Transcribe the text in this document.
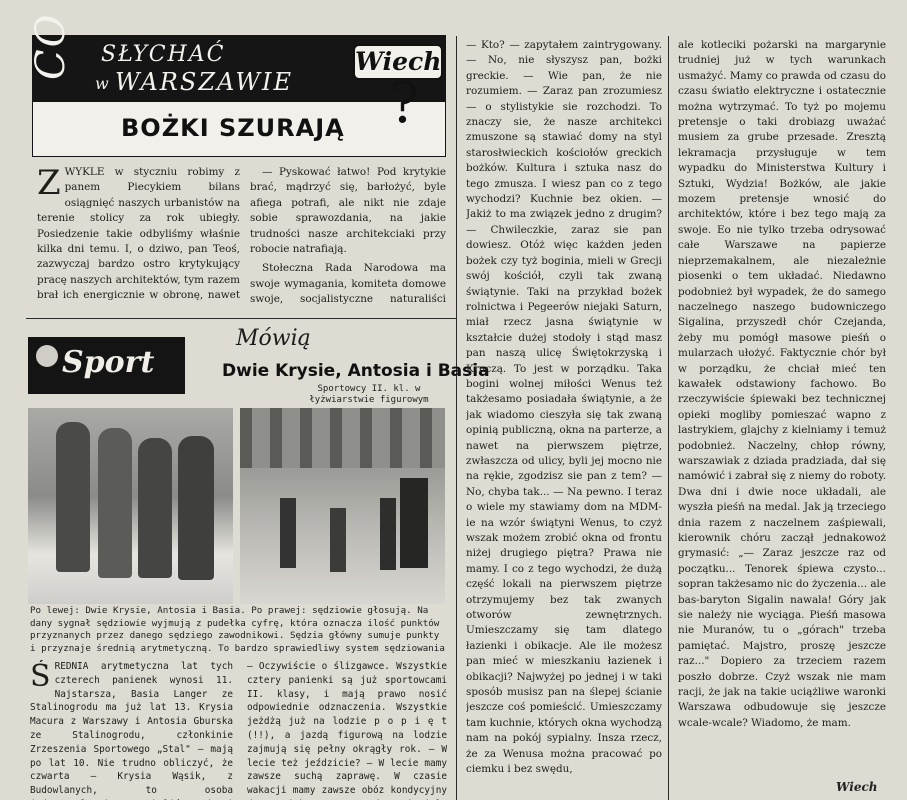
CO SŁYCHAĆ
w WARSZAWIE
Wiech
?
BOŻKI SZURAJĄ
ZWYKLE w styczniu robimy z panem Piecykiem bilans osiągnięć naszych urbanistów na terenie stolicy za rok ubiegły. Posiedzenie takie odbyliśmy właśnie kilka dni temu. I, o dziwo, pan Teoś, zazwyczaj bardzo ostro krytykujący pracę naszych architektów, tym razem brał ich energicznie w obronę, nawet

— Pyskować łatwo! Pod krytykie brać, mądrzyć się, barłożyć, byle afiega potrafi, ale nikt nie zdaje sobie sprawozdania, na jakie trudności nasze architekciaki przy robocie natrafiają.

Stołeczna Rada Narodowa ma swoje wymagania, komiteta domowe swoje, socjalistyczne naturaliści

Sport
Mówią
Dwie Krysie, Antosia i Basia
Sportowcy II. kl. w łyżwiarstwie figurowym
Po lewej: Dwie Krysie, Antosia i Basia. Po prawej: sędziowie głosują. Na dany sygnał sędziowie wyjmują z pudełka cyfrę, która oznacza ilość punktów przyznanych przez danego sędziego zawodnikowi. Sędzia główny sumuje punkty i przyznaje średnią arytmetyczną. To bardzo sprawiedliwy system sędziowania
ŚREDNIA arytmetyczna lat tych czterech panienek wynosi 11. Najstarsza, Basia Langer ze Stalinogrodu ma już lat 13. Krysia Macura z Warszawy i Antosia Gburska ze Stalinogrodu, członkinie Zrzeszenia Sportowego „Stal" — mają po lat 10. Nie trudno obliczyć, że czwarta — Krysia Wąsik, z Budowlanych, to osoba
— Oczywiście o ślizgawce. Wszystkie cztery panienki są już sportowcami II. klasy, i mają prawo nosić odpowiednie odznaczenia. Wszystkie jeżdżą już na lodzie p o p i ę t (!!), a jazdą figurową na lodzie zajmują się pełny okrągły rok. — W lecie też jeździcie? — W lecie mamy zawsze suchą zaprawę. W czasie wakacji mamy zawsze obóz kondycyjny
— Kto? — zapytałem zaintrygowany. — No, nie słyszysz pan, bożki greckie. — Wie pan, że nie rozumiem. — Zaraz pan zrozumiesz — o stylistykie sie rozchodzi. To znaczy sie, że nasze architekci zmuszone są stawiać domy na styl starosłwieckich kościołów greckich bożków. Kultura i sztuka nasz do tego zmusza. I wiesz pan co z tego wychodzi? Kuchnie bez okien. — Jakiż to ma związek jedno z drugim? — Chwileczkie, zaraz sie pan dowiesz. Otóż więc każden jeden bożek czy tyż boginia, mieli w Grecji swój kościół, czyli tak zwaną świątynie. Taki na przykład bożek rolnictwa i Pegeerów niejaki Saturn, miał rzecz jasna świątynie w kształcie dużej stodoły i stąd masz pan naszą ulicę Świętokrzyską i Kruczą. To jest w porządku. Taka bogini wolnej miłości Wenus też takżesamo posiadała świątynie, a że jak wiadomo cieszyła się tak zwaną opinią publiczną, okna na parterze, a nawet na pierwszem piętrze, zwłaszcza od ulicy, byli jej mocno nie na rękie, zgodzisz sie pan z tem? — No, chyba tak... — Na pewno. I teraz o wiele my stawiamy dom na MDM-ie na wzór świątyni Wenus, to czyż wszak możem zrobić okna od frontu niżej drugiego piętra? Prawa nie mamy. I co z tego wychodzi, że dużą część lokali na pierwszem piętrze otrzymujemy bez tak zwanych otworów zewnętrznych. Umieszczamy się tam dlatego łazienki i obikacje. Ale ile możesz pan mieć w mieszkaniu łazienek i obikacji? Najwyżej po jednej i w taki sposób musisz pan na ślepej ścianie jeszcze coś pomieścić. Umieszczamy tam kuchnie, których okna wychodzą nam na pokój sypialny. Insza rzecz, że za Wenusa można pracować po ciemku i bez swędu,
ale kotleciki pożarski na margarynie trudniej już w tych warunkach usmażyć. Mamy co prawda od czasu do czasu światło elektryczne i ostatecznie można wytrzymać. To tyż po mojemu pretensje o taki drobiazg uważać musiem za grube przesade. Zresztą lekramacja przysługuje w tem wypadku do Ministerstwa Kultury i Sztuki, Wydzia! Bożków, ale jakie mozem pretensje wnosić do architektów, które i bez tego mają za swoje. Eo nie tylko trzeba odrysować całe Warszawe na papierze nieprzemakalnem, ale niezależnie piosenki o tem układać. Niedawno podobnież był wypadek, że do samego naczelnego naszego budowniczego Sigalina, przyszedł chór Czejanda, żeby mu pomógł masowe pieśń o mularzach ułożyć. Faktycznie chór był w porządku, że chciał mieć ten kawałek odstawiony fachowo. Bo rzeczywiście śpiewaki bez technicznej opieki mogliby pomieszać wapno z lastrykiem, glajchy z kielniamy i temuż podobnież. Naczelny, chłop równy, warszawiak z dziada pradziada, dał się namówić i zabrał się z niemy do roboty. Dwa dni i dwie noce układali, ale wyszła pieśń na medal. Jak ją trzeciego dnia razem z naczelnem zaśpiewali, kierownik chóru zaczął jednakowoż grymasić: „— Zaraz jeszcze raz od początku... Tenorek śpiewa czysto... sopran takżesamo nic do życzenia... ale bas-baryton Sigalin nawala! Góry jak sie należy nie wyciąga. Pieśń masowa nie Muranów, tu o „górach" trzeba pamiętać. Majstro, proszę jeszcze raz..." Dopiero za trzeciem razem poszło dobrze. Czyż wszak nie mam racji, że jak na takie uciążliwe waronki Warszawa odbudowuje się jeszcze wcale-wcale? Wiadomo, że mam.
Wiech
